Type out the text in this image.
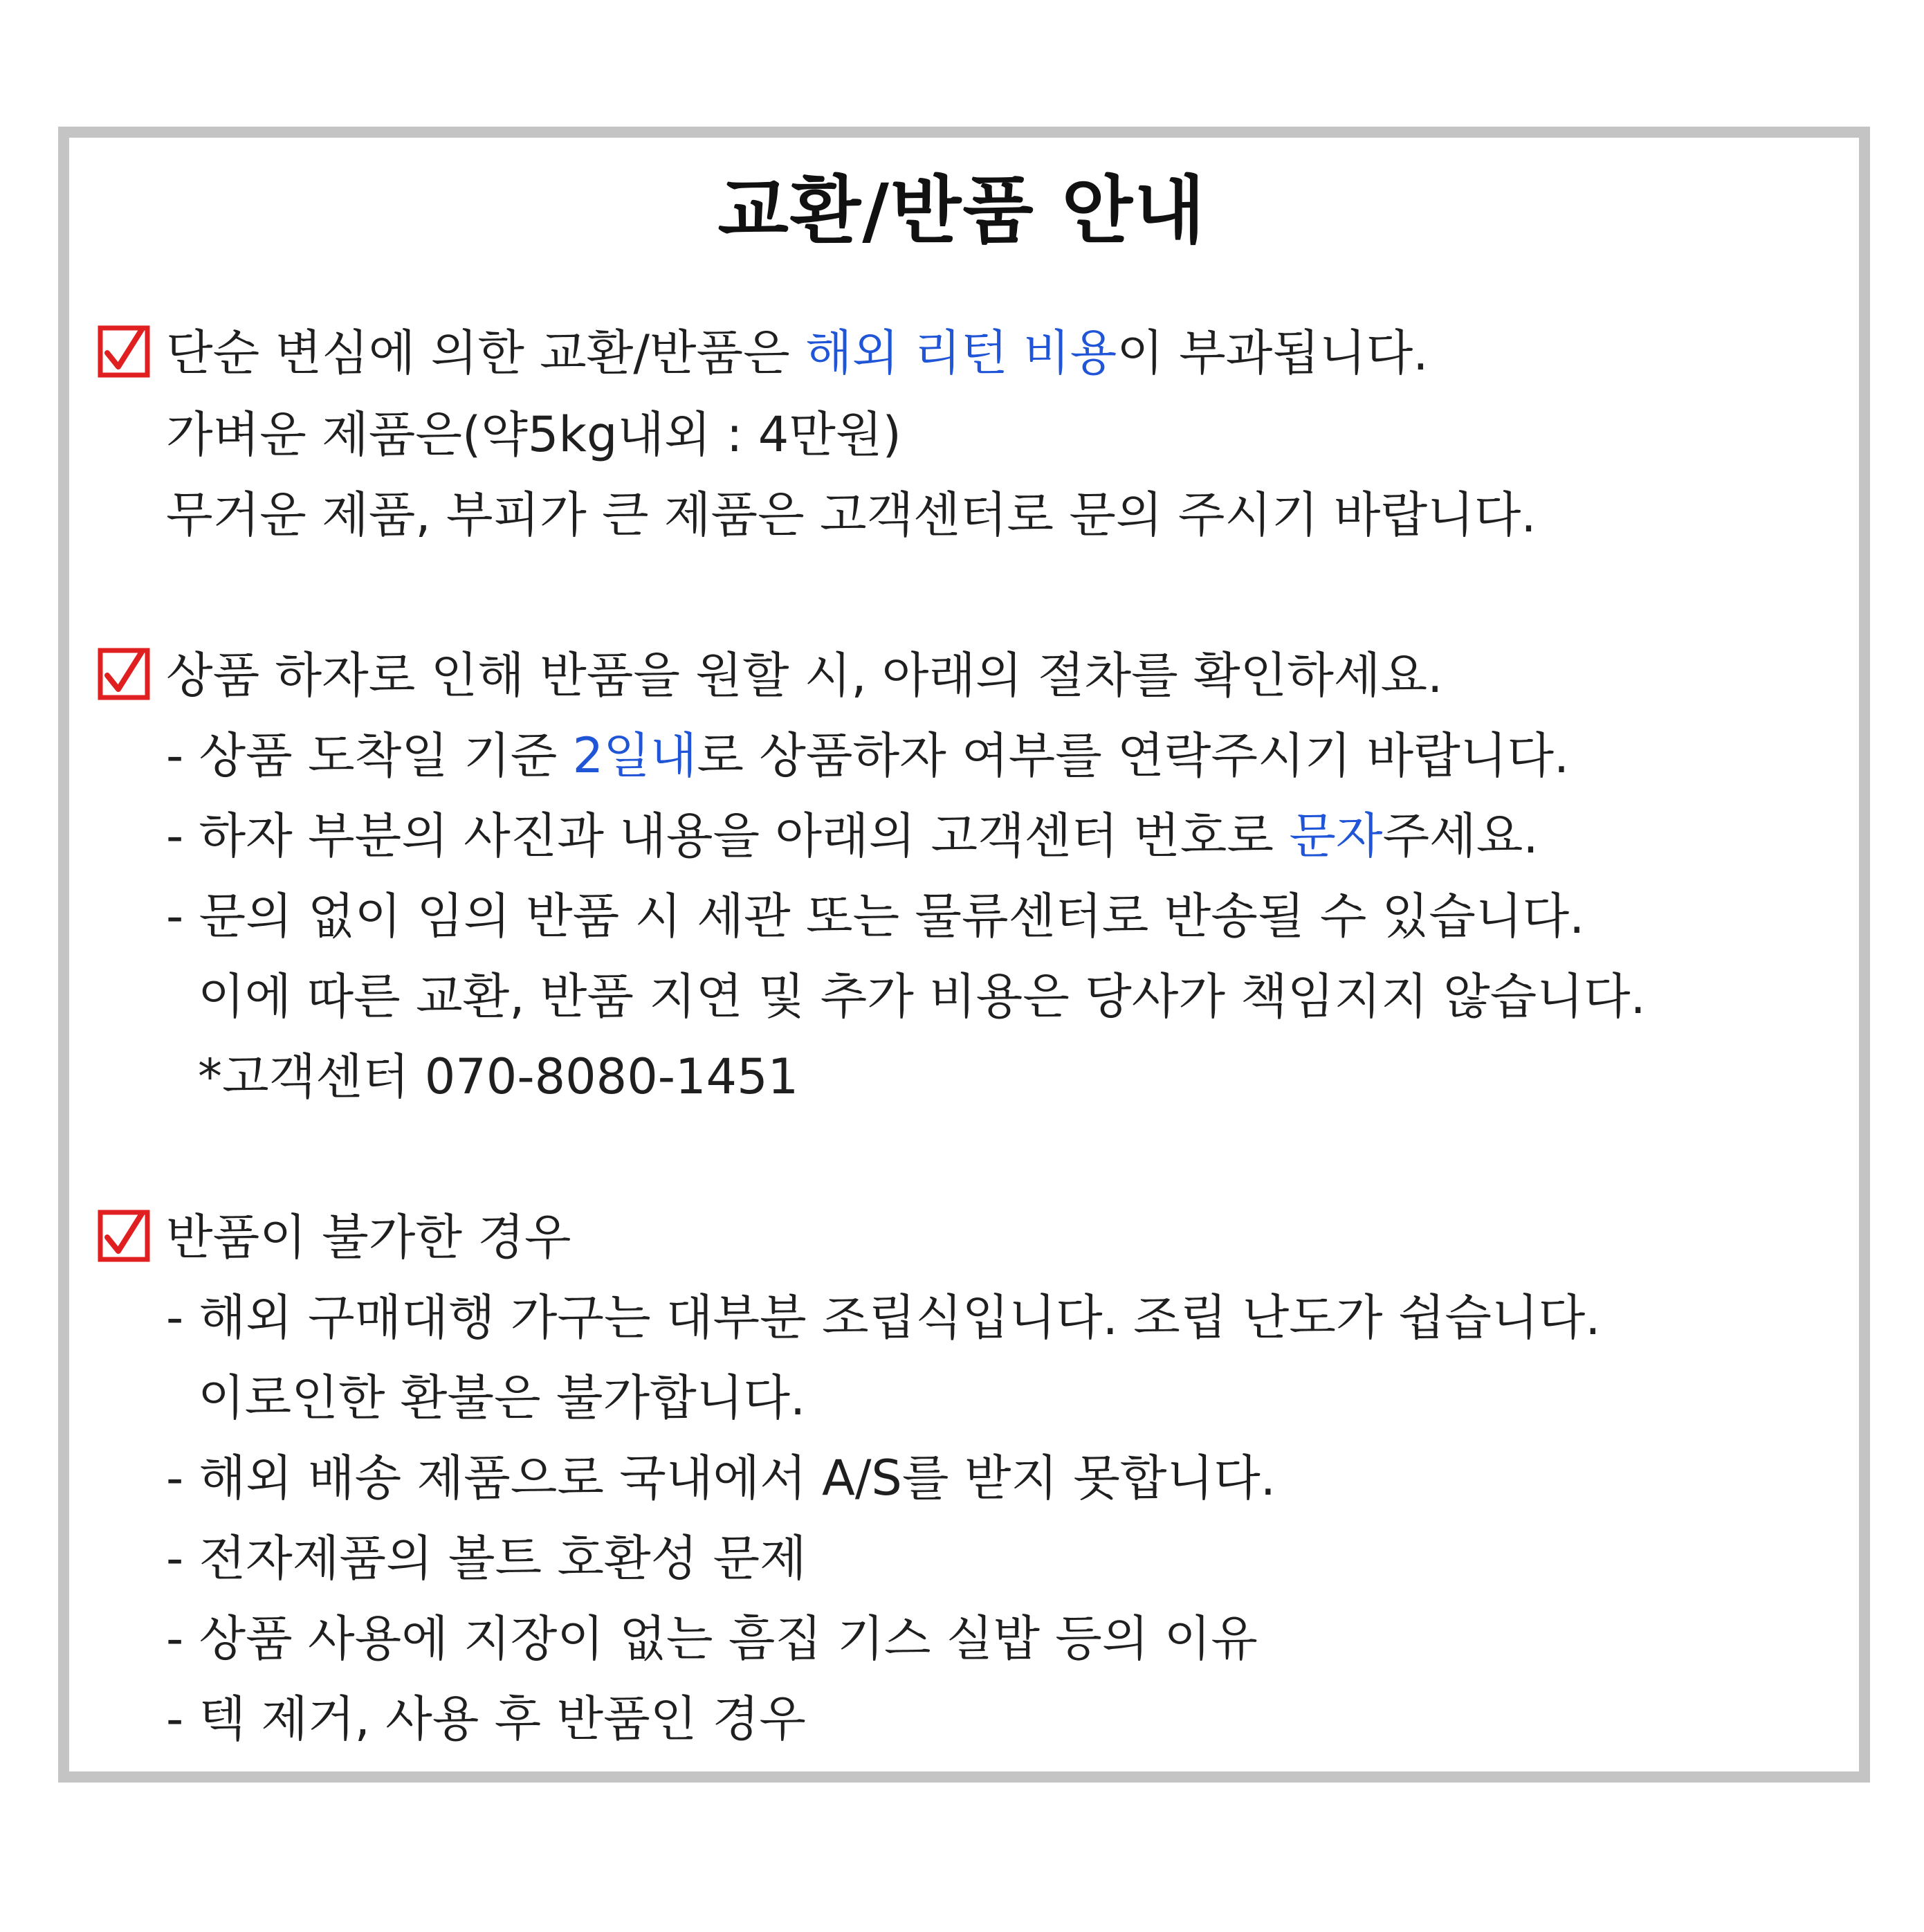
교환/반품 안내
단순 변심에 의한 교환/반품은 해외 리턴 비용이 부과됩니다.
가벼운 제품은(약5kg내외 : 4만원)
무거운 제품, 부피가 큰 제품은 고객센터로 문의 주시기 바랍니다.
상품 하자로 인해 반품을 원할 시, 아래의 절차를 확인하세요.
- 상품 도착일 기준 2일내로 상품하자 여부를 연락주시기 바랍니다.
- 하자 부분의 사진과 내용을 아래의 고객센터 번호로 문자주세요.
- 문의 없이 임의 반품 시 세관 또는 물류센터로 반송될 수 있습니다.
이에 따른 교환, 반품 지연 및 추가 비용은 당사가 책임지지 않습니다.
*고객센터 070-8080-1451
반품이 불가한 경우
- 해외 구매대행 가구는 대부분 조립식입니다. 조립 난도가 쉽습니다.
이로인한 환불은 불가합니다.
- 해외 배송 제품으로 국내에서 A/S를 받지 못합니다.
- 전자제품의 볼트 호환성 문제
- 상품 사용에 지장이 없는 흠집 기스 실밥 등의 이유
- 텍 제거, 사용 후 반품인 경우
